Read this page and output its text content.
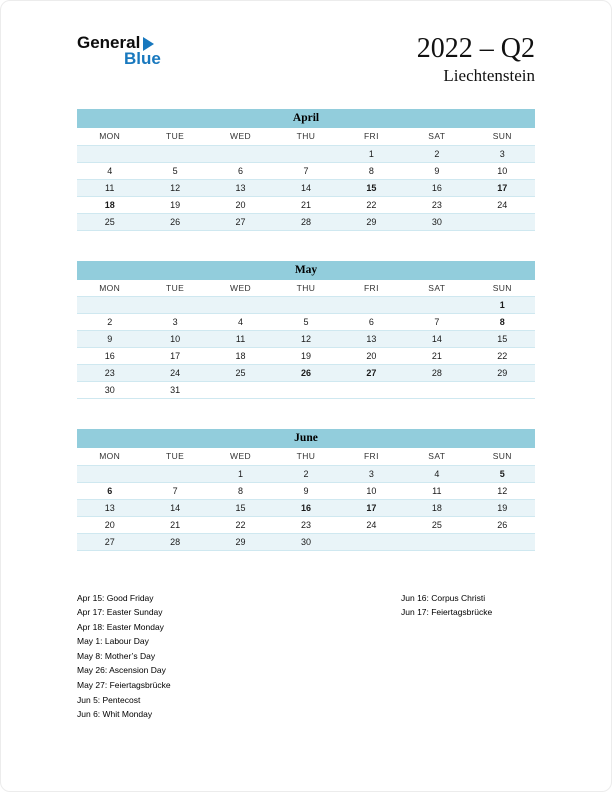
General
Blue	2022 – Q2
Liechtenstein
April
MON	TUE	WED	THU	FRI	SAT	SUN
				1	2	3
4	5	6	7	8	9	10
11	12	13	14	15	16	17
18	19	20	21	22	23	24
25	26	27	28	29	30	
May
MON	TUE	WED	THU	FRI	SAT	SUN
						1
2	3	4	5	6	7	8
9	10	11	12	13	14	15
16	17	18	19	20	21	22
23	24	25	26	27	28	29
30	31					
June
MON	TUE	WED	THU	FRI	SAT	SUN
		1	2	3	4	5
6	7	8	9	10	11	12
13	14	15	16	17	18	19
20	21	22	23	24	25	26
27	28	29	30			
Apr 15: Good Friday
Apr 17: Easter Sunday
Apr 18: Easter Monday
May 1: Labour Day
May 8: Mother’s Day
May 26: Ascension Day
May 27: Feiertagsbrücke
Jun 5: Pentecost
Jun 6: Whit Monday
Jun 16: Corpus Christi
Jun 17: Feiertagsbrücke
